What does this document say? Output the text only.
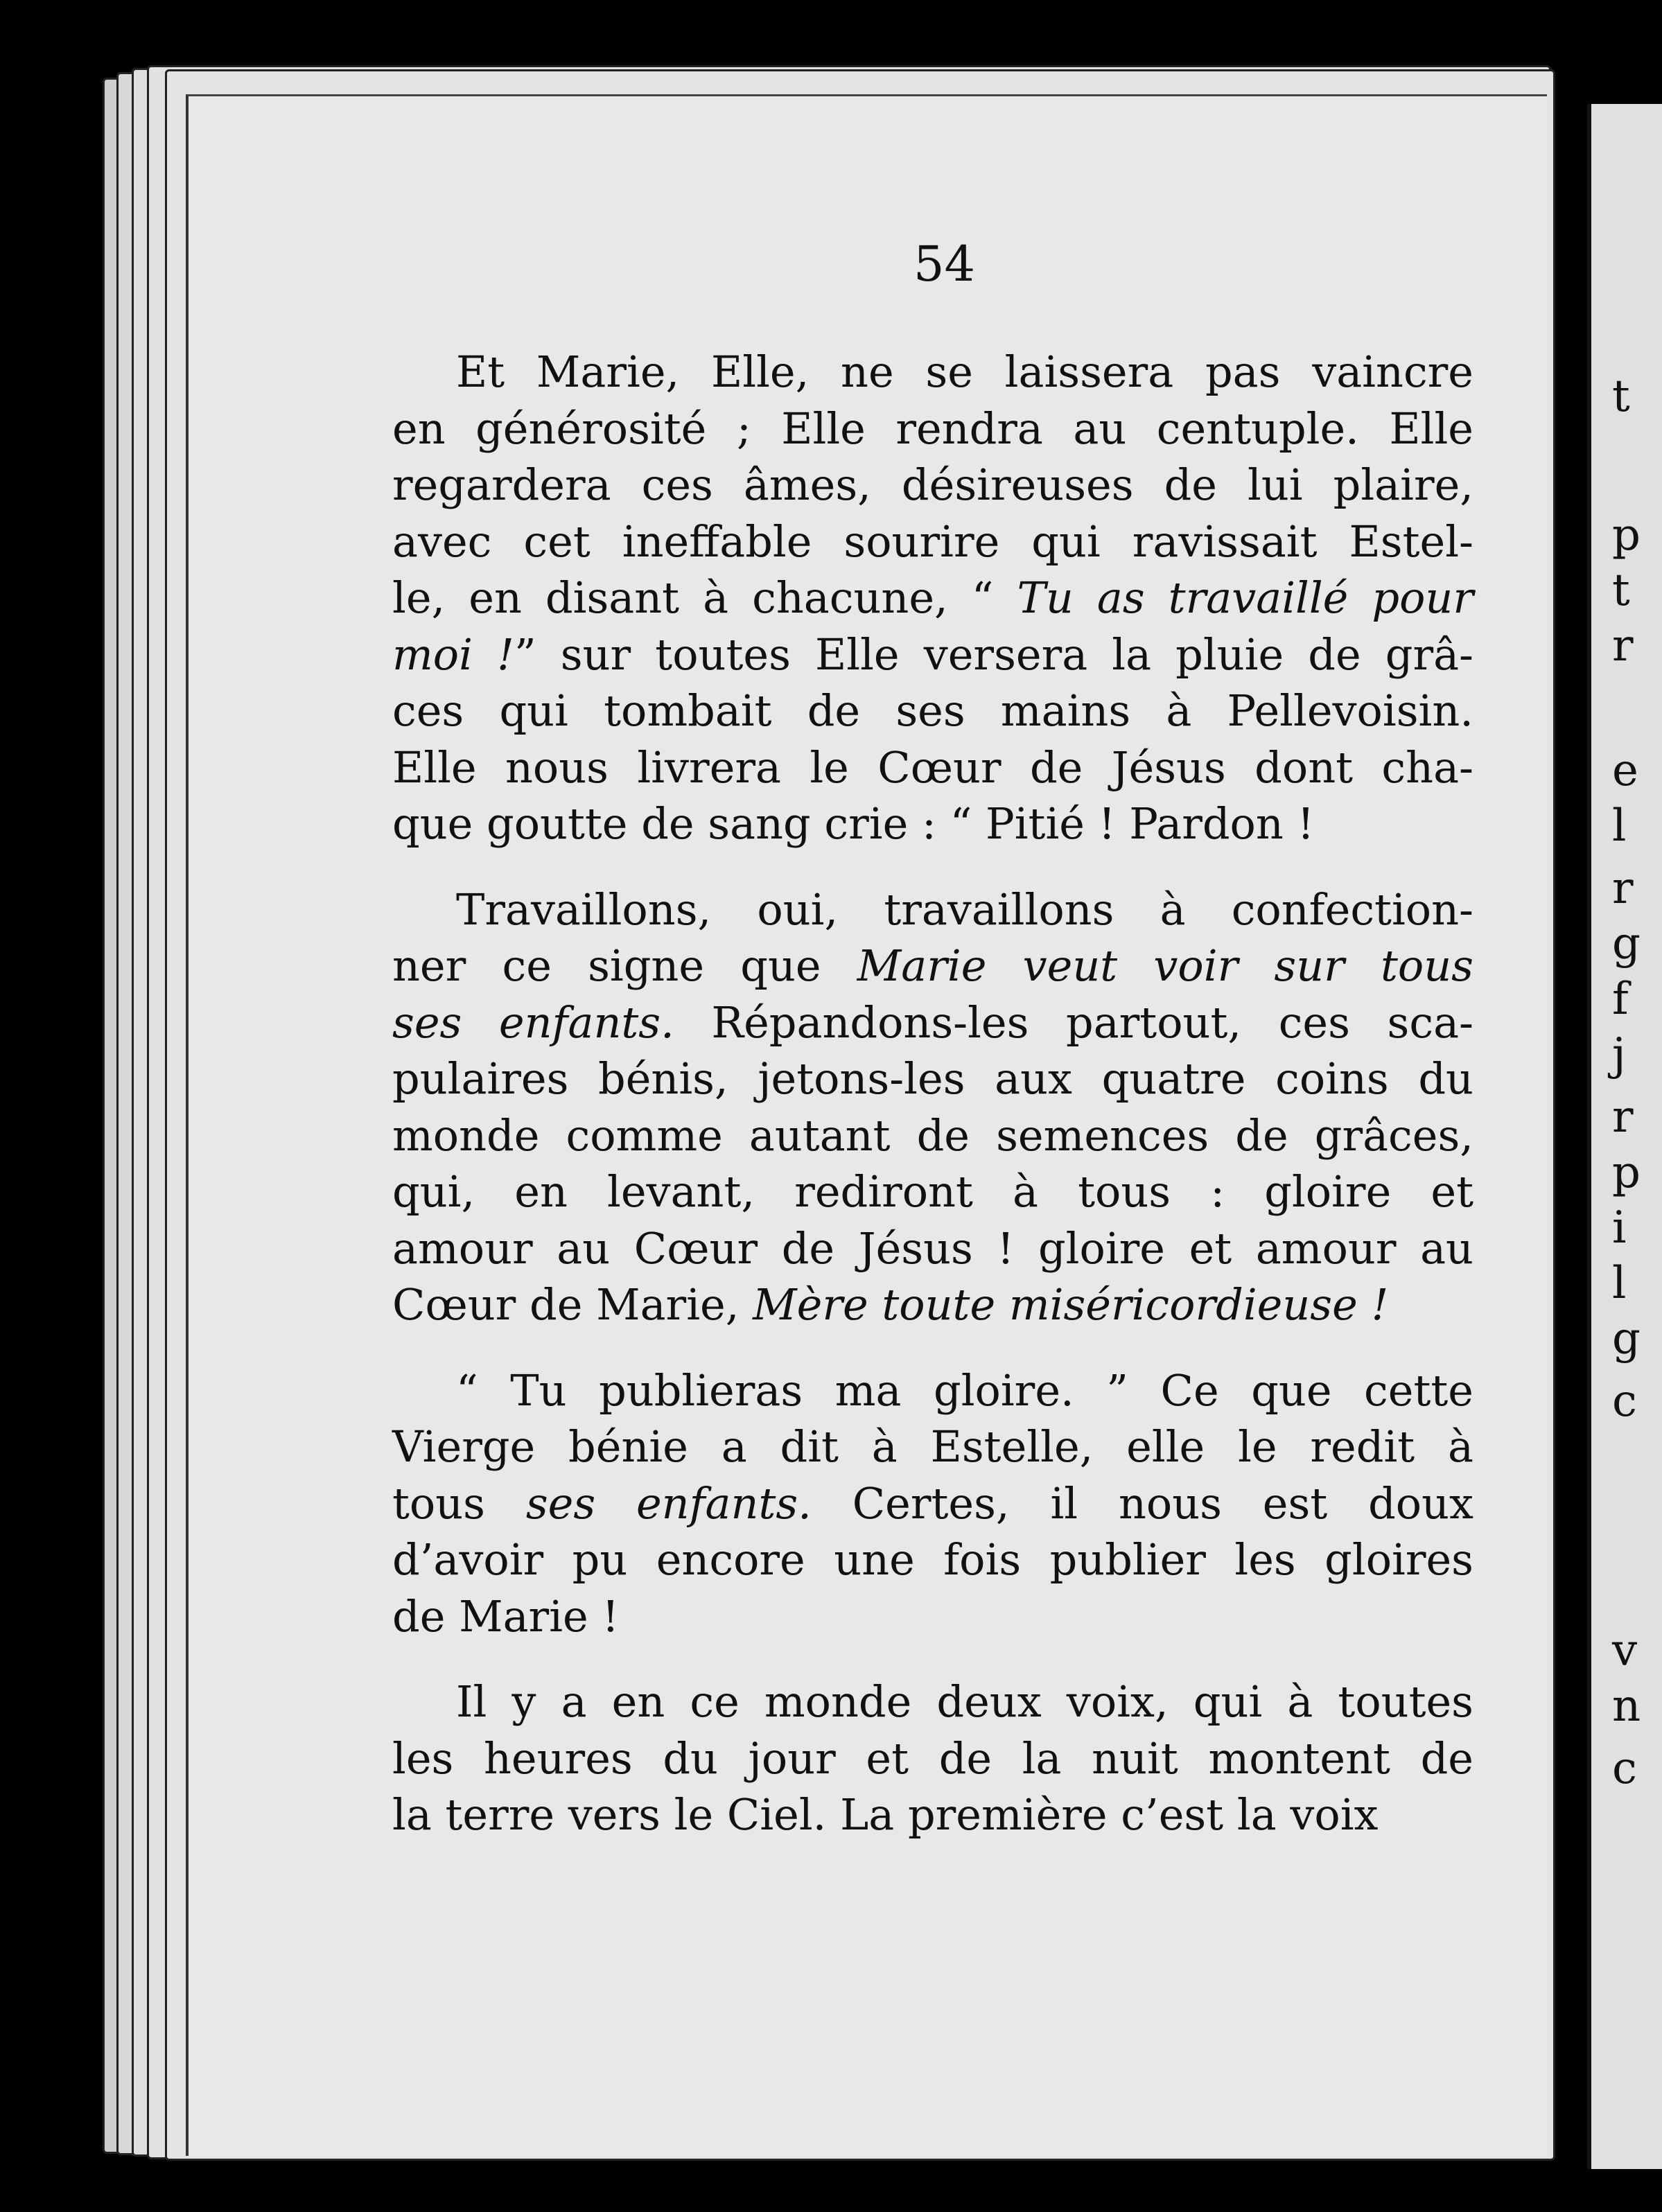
54
Et Marie, Elle, ne se laissera pas vaincre
en générosité ; Elle rendra au centuple. Elle
regardera ces âmes, désireuses de lui plaire,
avec cet ineffable sourire qui ravissait Estel-
le, en disant à chacune, “ Tu as travaillé pour
moi !” sur toutes Elle versera la pluie de grâ-
ces qui tombait de ses mains à Pellevoisin.
Elle nous livrera le Cœur de Jésus dont cha-
que goutte de sang crie : “ Pitié ! Pardon !
Travaillons, oui, travaillons à confection-
ner ce signe que Marie veut voir sur tous
ses enfants. Répandons-les partout, ces sca-
pulaires bénis, jetons-les aux quatre coins du
monde comme autant de semences de grâces,
qui, en levant, rediront à tous : gloire et
amour au Cœur de Jésus ! gloire et amour au
Cœur de Marie, Mère toute miséricordieuse !
“ Tu publieras ma gloire. ” Ce que cette
Vierge bénie a dit à Estelle, elle le redit à
tous ses enfants. Certes, il nous est doux
d’avoir pu encore une fois publier les gloires
de Marie !
Il y a en ce monde deux voix, qui à toutes
les heures du jour et de la nuit montent de
la terre vers le Ciel. La première c’est la voix
t
p
t
r
e
l
r
g
f
j
r
p
i
l
g
c
v
n
c
